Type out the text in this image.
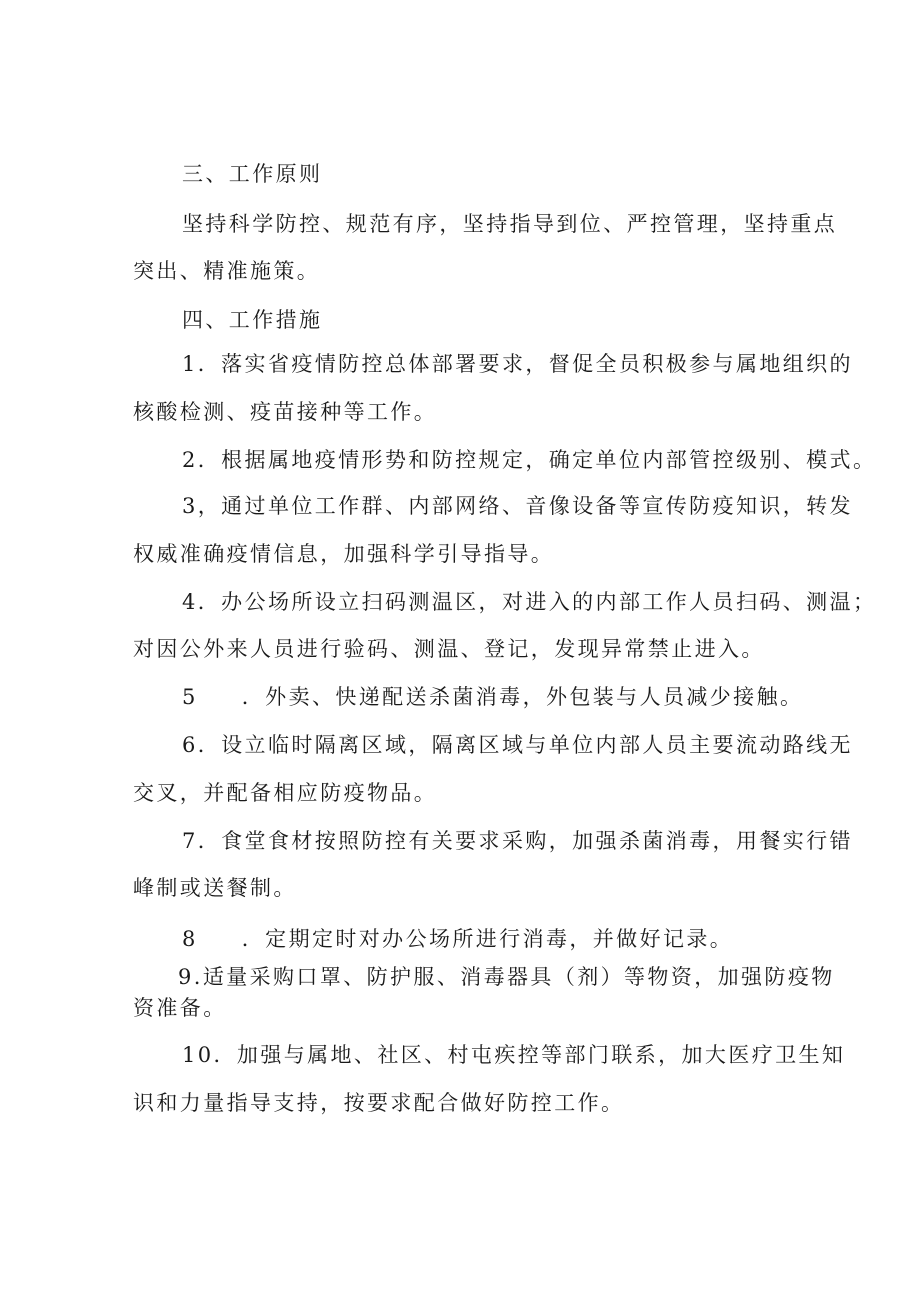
三、工作原则
坚持科学防控、规范有序，坚持指导到位、严控管理，坚持重点
突出、精准施策。
四、工作措施
1．落实省疫情防控总体部署要求，督促全员积极参与属地组织的
核酸检测、疫苗接种等工作。
2．根据属地疫情形势和防控规定，确定单位内部管控级别、模式。
3，通过单位工作群、内部网络、音像设备等宣传防疫知识，转发
权威准确疫情信息，加强科学引导指导。
4．办公场所设立扫码测温区，对进入的内部工作人员扫码、测温；
对因公外来人员进行验码、测温、登记，发现异常禁止进入。
5 ．外卖、快递配送杀菌消毒，外包装与人员减少接触。
6．设立临时隔离区域，隔离区域与单位内部人员主要流动路线无
交叉，并配备相应防疫物品。
7．食堂食材按照防控有关要求采购，加强杀菌消毒，用餐实行错
峰制或送餐制。
8 ．定期定时对办公场所进行消毒，并做好记录。
9.适量采购口罩、防护服、消毒器具（剂）等物资，加强防疫物
资准备。
10．加强与属地、社区、村屯疾控等部门联系，加大医疗卫生知
识和力量指导支持，按要求配合做好防控工作。
